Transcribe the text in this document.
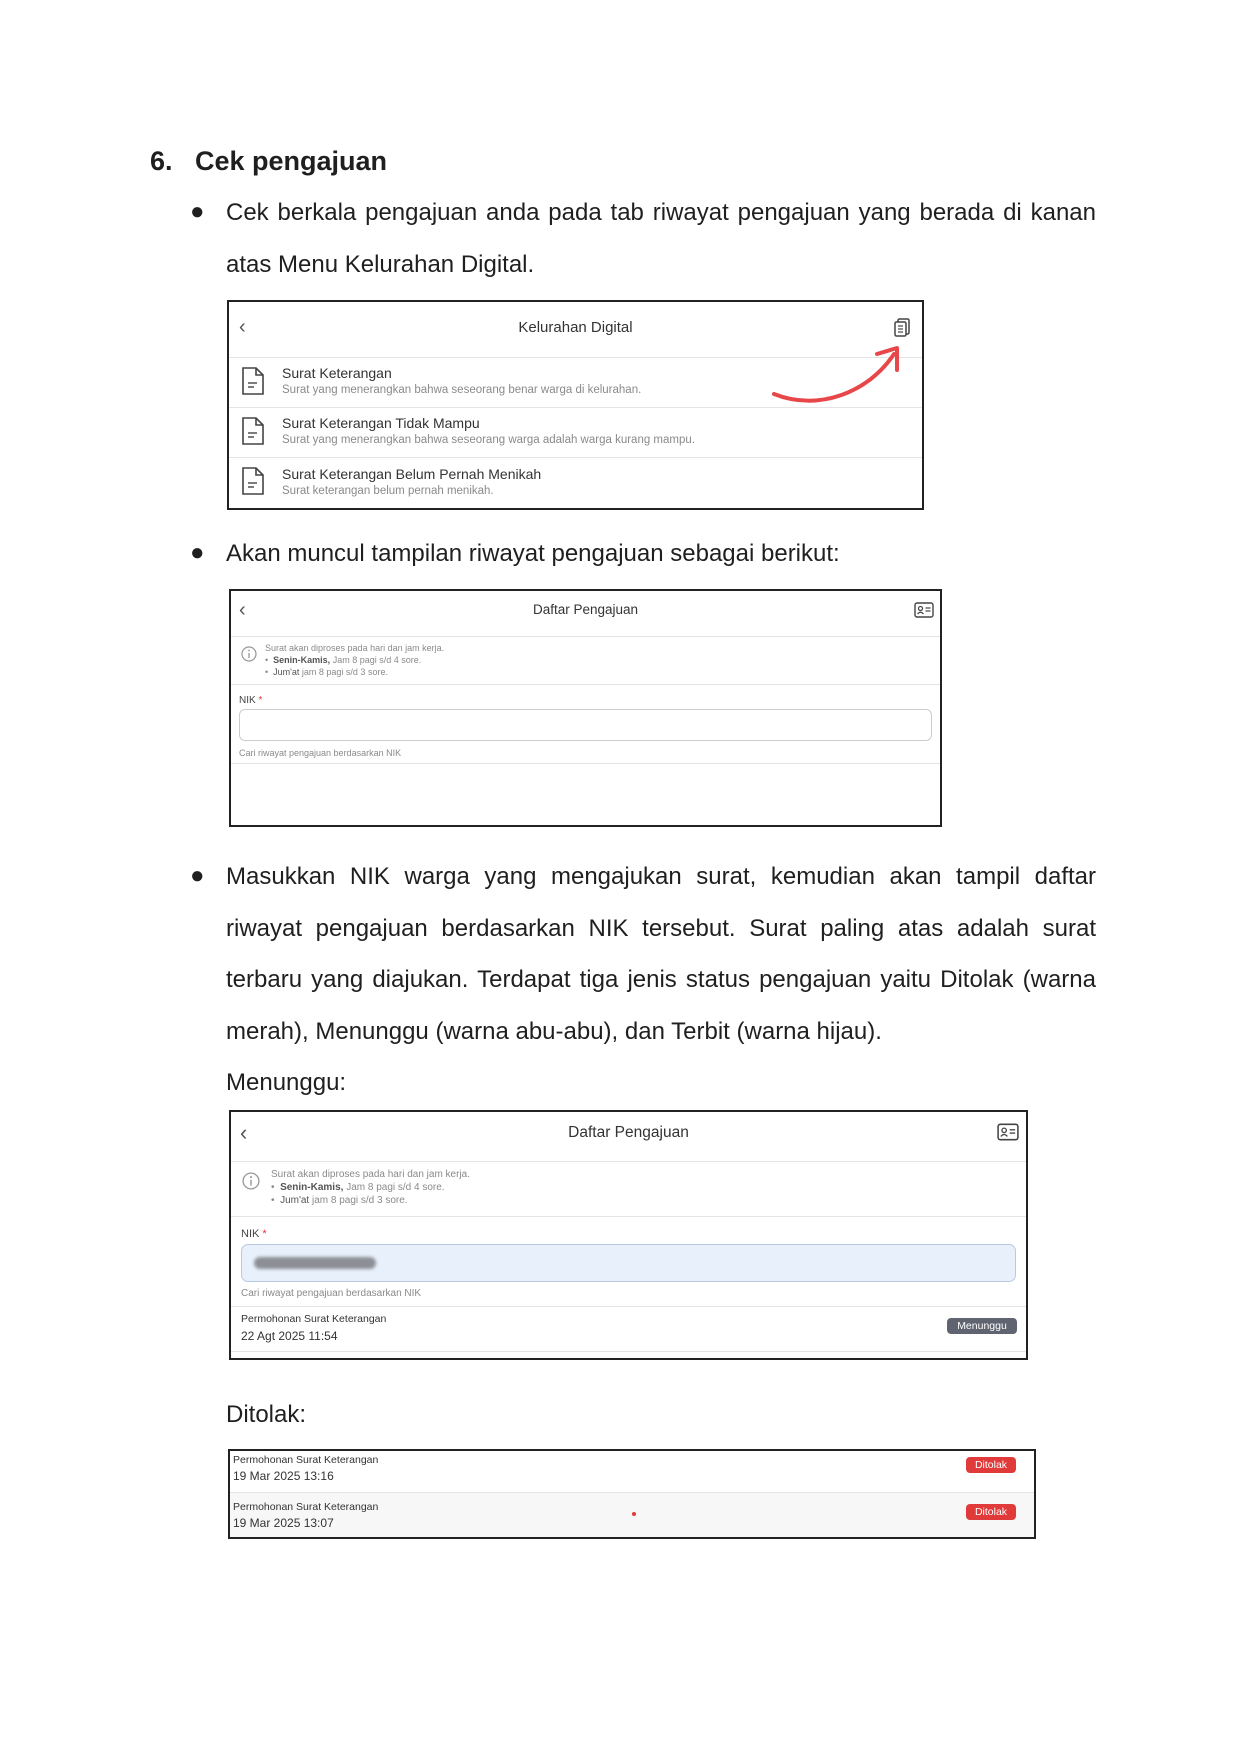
6. Cek pengajuan
● Cek berkala pengajuan anda pada tab riwayat pengajuan yang berada di kanan atas Menu Kelurahan Digital.
‹	Kelurahan Digital
Surat Keterangan
Surat yang menerangkan bahwa seseorang benar warga di kelurahan.
Surat Keterangan Tidak Mampu
Surat yang menerangkan bahwa seseorang warga adalah warga kurang mampu.
Surat Keterangan Belum Pernah Menikah
Surat keterangan belum pernah menikah.
● Akan muncul tampilan riwayat pengajuan sebagai berikut:
‹	Daftar Pengajuan
Surat akan diproses pada hari dan jam kerja.
•  Senin-Kamis, Jam 8 pagi s/d 4 sore.
•  Jum'at jam 8 pagi s/d 3 sore.
NIK *
Cari riwayat pengajuan berdasarkan NIK
● Masukkan NIK warga yang mengajukan surat, kemudian akan tampil daftar riwayat pengajuan berdasarkan NIK tersebut. Surat paling atas adalah surat terbaru yang diajukan. Terdapat tiga jenis status pengajuan yaitu Ditolak (warna merah), Menunggu (warna abu-abu), dan Terbit (warna hijau).
Menunggu:
‹	Daftar Pengajuan
Surat akan diproses pada hari dan jam kerja.
•  Senin-Kamis, Jam 8 pagi s/d 4 sore.
•  Jum'at jam 8 pagi s/d 3 sore.
NIK *
Cari riwayat pengajuan berdasarkan NIK
Permohonan Surat Keterangan
22 Agt 2025 11:54
Menunggu
Ditolak:
Permohonan Surat Keterangan
19 Mar 2025 13:16
Ditolak
Permohonan Surat Keterangan
19 Mar 2025 13:07
Ditolak
